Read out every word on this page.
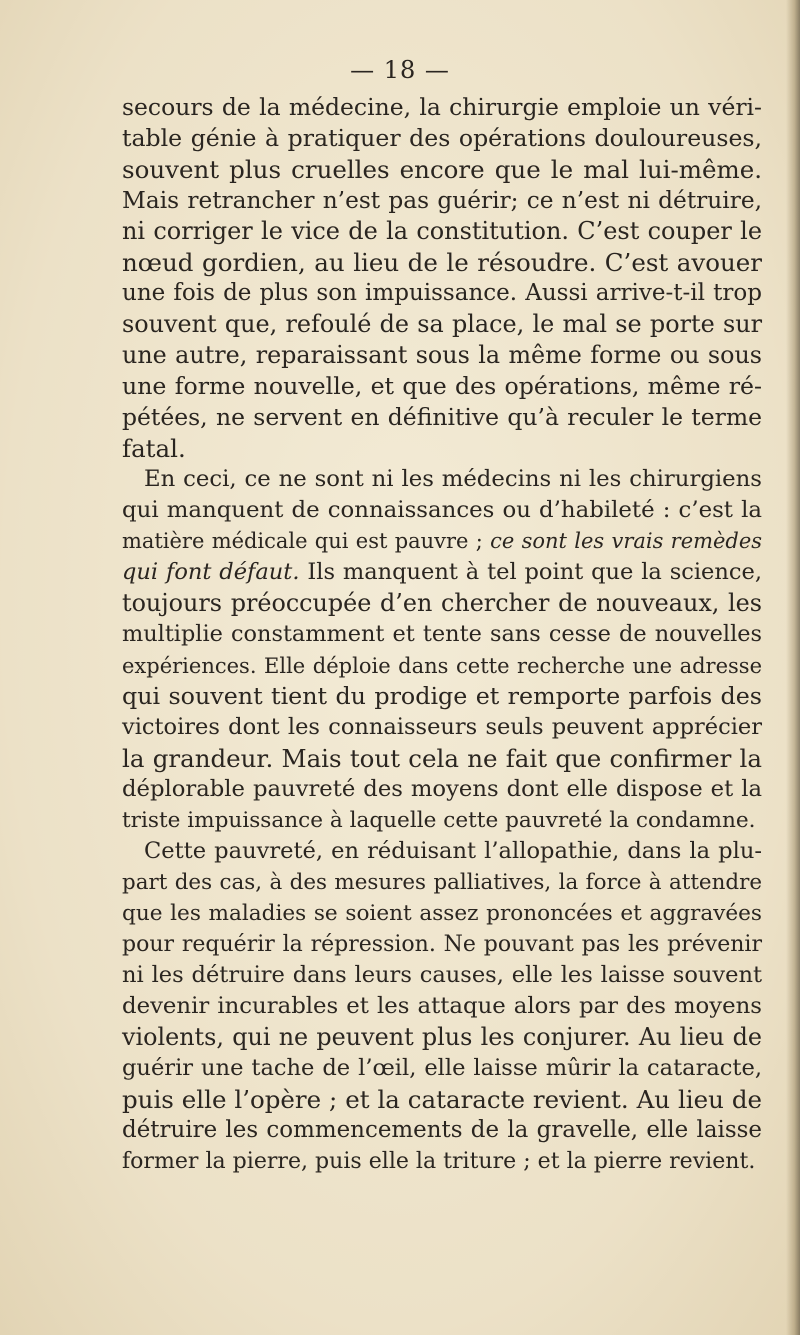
— 18 —
secours de la médecine, la chirurgie emploie un véri-
table génie à pratiquer des opérations douloureuses,
souvent plus cruelles encore que le mal lui-même.
Mais retrancher n’est pas guérir; ce n’est ni détruire,
ni corriger le vice de la constitution. C’est couper le
nœud gordien, au lieu de le résoudre. C’est avouer
une fois de plus son impuissance. Aussi arrive-t-il trop
souvent que, refoulé de sa place, le mal se porte sur
une autre, reparaissant sous la même forme ou sous
une forme nouvelle, et que des opérations, même ré-
pétées, ne servent en définitive qu’à reculer le terme
fatal.
En ceci, ce ne sont ni les médecins ni les chirurgiens
qui manquent de connaissances ou d’habileté : c’est la
matière médicale qui est pauvre ; ce sont les vrais remèdes
qui font défaut. Ils manquent à tel point que la science,
toujours préoccupée d’en chercher de nouveaux, les
multiplie constamment et tente sans cesse de nouvelles
expériences. Elle déploie dans cette recherche une adresse
qui souvent tient du prodige et remporte parfois des
victoires dont les connaisseurs seuls peuvent apprécier
la grandeur. Mais tout cela ne fait que confirmer la
déplorable pauvreté des moyens dont elle dispose et la
triste impuissance à laquelle cette pauvreté la condamne.
Cette pauvreté, en réduisant l’allopathie, dans la plu-
part des cas, à des mesures palliatives, la force à attendre
que les maladies se soient assez prononcées et aggravées
pour requérir la répression. Ne pouvant pas les prévenir
ni les détruire dans leurs causes, elle les laisse souvent
devenir incurables et les attaque alors par des moyens
violents, qui ne peuvent plus les conjurer. Au lieu de
guérir une tache de l’œil, elle laisse mûrir la cataracte,
puis elle l’opère ; et la cataracte revient. Au lieu de
détruire les commencements de la gravelle, elle laisse
former la pierre, puis elle la triture ; et la pierre revient.
